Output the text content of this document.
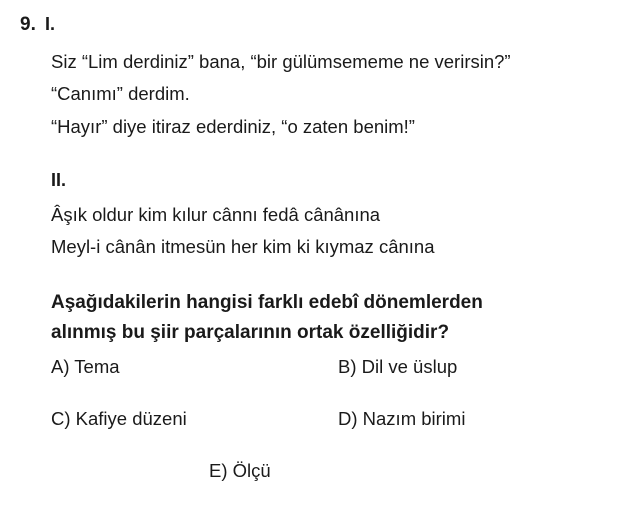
9. I.
Siz “Lim derdiniz” bana, “bir gülümsememe ne verirsin?”
“Canımı” derdim.
“Hayır” diye itiraz ederdiniz, “o zaten benim!”
II.
Âşık oldur kim kılur cânnı fedâ cânânına
Meyl-i cânân itmesün her kim ki kıymaz cânına
Aşağıdakilerin hangisi farklı edebî dönemlerden
alınmış bu şiir parçalarının ortak özelliğidir?
A) Tema	B) Dil ve üslup
C) Kafiye düzeni	D) Nazım birimi
E) Ölçü
